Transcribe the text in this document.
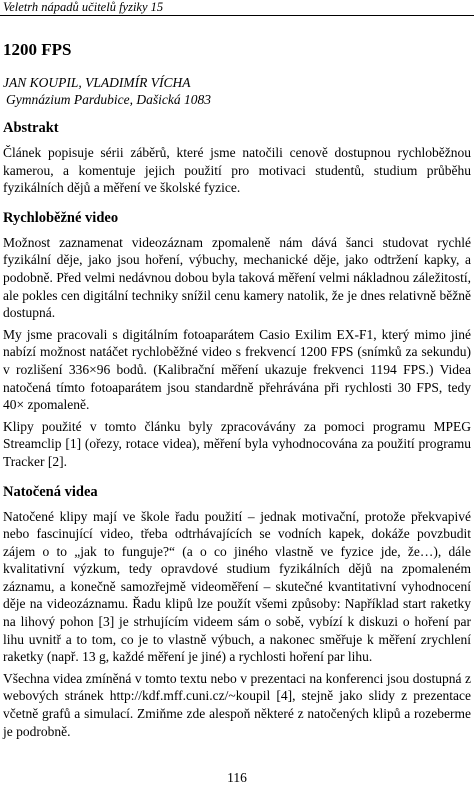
Veletrh nápadů učitelů fyziky 15
1200 FPS
JAN KOUPIL, VLADIMÍR VÍCHA
Gymnázium Pardubice, Dašická 1083
Abstrakt

Článek popisuje sérii záběrů, které jsme natočili cenově dostupnou rychloběžnou kamerou, a komentuje jejich použití pro motivaci studentů, studium průběhu fyzikálních dějů a měření ve školské fyzice.

Rychloběžné video

Možnost zaznamenat videozáznam zpomaleně nám dává šanci studovat rychlé fyzikální děje, jako jsou hoření, výbuchy, mechanické děje, jako odtržení kapky, a podobně. Před velmi nedávnou dobou byla taková měření velmi nákladnou záležitostí, ale pokles cen digitální techniky snížil cenu kamery natolik, že je dnes relativně běžně dostupná.

My jsme pracovali s digitálním fotoaparátem Casio Exilim EX-F1, který mimo jiné nabízí možnost natáčet rychloběžné video s frekvencí 1200 FPS (snímků za sekundu) v rozlišení 336×96 bodů. (Kalibrační měření ukazuje frekvenci 1194 FPS.) Videa natočená tímto fotoaparátem jsou standardně přehrávána při rychlosti 30 FPS, tedy 40× zpomaleně.

Klipy použité v tomto článku byly zpracovávány za pomoci programu MPEG Streamclip [1] (ořezy, rotace videa), měření byla vyhodnocována za použití programu Tracker [2].

Natočená videa

Natočené klipy mají ve škole řadu použití – jednak motivační, protože překvapivé nebo fascinující video, třeba odtrhávajících se vodních kapek, dokáže povzbudit zájem o to „jak to funguje?“ (a o co jiného vlastně ve fyzice jde, že…), dále kvalitativní výzkum, tedy opravdové studium fyzikálních dějů na zpomaleném záznamu, a konečně samozřejmě videoměření – skutečné kvantitativní vyhodnocení děje na videozáznamu. Řadu klipů lze použít všemi způsoby: Například start raketky na lihový pohon [3] je strhujícím videem sám o sobě, vybízí k diskuzi o hoření par lihu uvnitř a to tom, co je to vlastně výbuch, a nakonec směřuje k měření zrychlení raketky (např. 13 g, každé měření je jiné) a rychlosti hoření par lihu.

Všechna videa zmíněná v tomto textu nebo v prezentaci na konferenci jsou dostupná z webových stránek http://kdf.mff.cuni.cz/~koupil [4], stejně jako slidy z prezentace včetně grafů a simulací. Zmiňme zde alespoň některé z natočených klipů a rozeberme je podrobně.

116
